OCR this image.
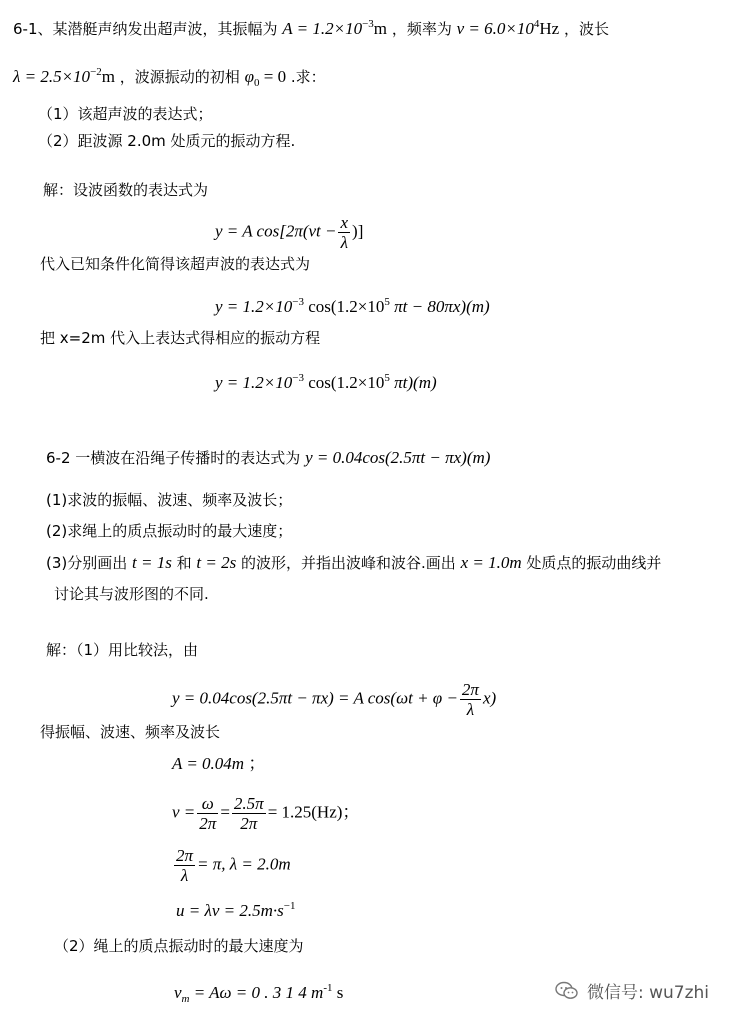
6-1、某潜艇声纳发出超声波，其振幅为 $A = 1.2\times 10^{-3}m$ ，频率为 $\nu = 6.0\times 10^4Hz$ ，波长
$\lambda = 2.5\times 10^{-2}m$ ，波源振动的初相 $\varphi_0 = 0$ .求：
（1）该超声波的表达式；
（2）距波源 2.0m 处质元的振动方程.
解：设波函数的表达式为
y = A $\cos[2\pi(\nu t - \frac{x}{\lambda}$ )]
代入已知条件化简得该超声波的表达式为
$y = 1.2\times 10^{-3}$ $\cos(1.2\times 10^5$ πt − 80πx)(m)
把 x=2m 代入上表达式得相应的振动方程
$y = 1.2\times 10^{-3}$ $\cos(1.2\times 10^5$ πt)(m)
6-2 一横波在沿绳子传播时的表达式为 y = 0.04cos(2.5πt − πx)(m)
(1)求波的振幅、波速、频率及波长；
(2)求绳上的质点振动时的最大速度；
(3)分别画出 t = 1s 和 t = 2s 的波形，并指出波峰和波谷.画出 x = 1.0m 处质点的振动曲线并
讨论其与波形图的不同.
解：（1）用比较法，由
y = 0.04cos(2.5πt − πx) = A $\cos(\omega t + \varphi - \frac{2\pi}{\lambda} x)$
得振幅、波速、频率及波长
A = 0.04m ；
$\nu = \frac{\omega}{2\pi} = \frac{2.5\pi}{2\pi} = 1.25(Hz)$；
$\frac{2\pi}{\lambda} = \pi$, λ = 2.0m
$u = \lambda\nu = 2.5m\cdot s^{-1}$
（2）绳上的质点振动时的最大速度为
$v_m = A\omega = 0$ . 3 1 4 $m^{-1}$ s	微信号: wu7zhi
